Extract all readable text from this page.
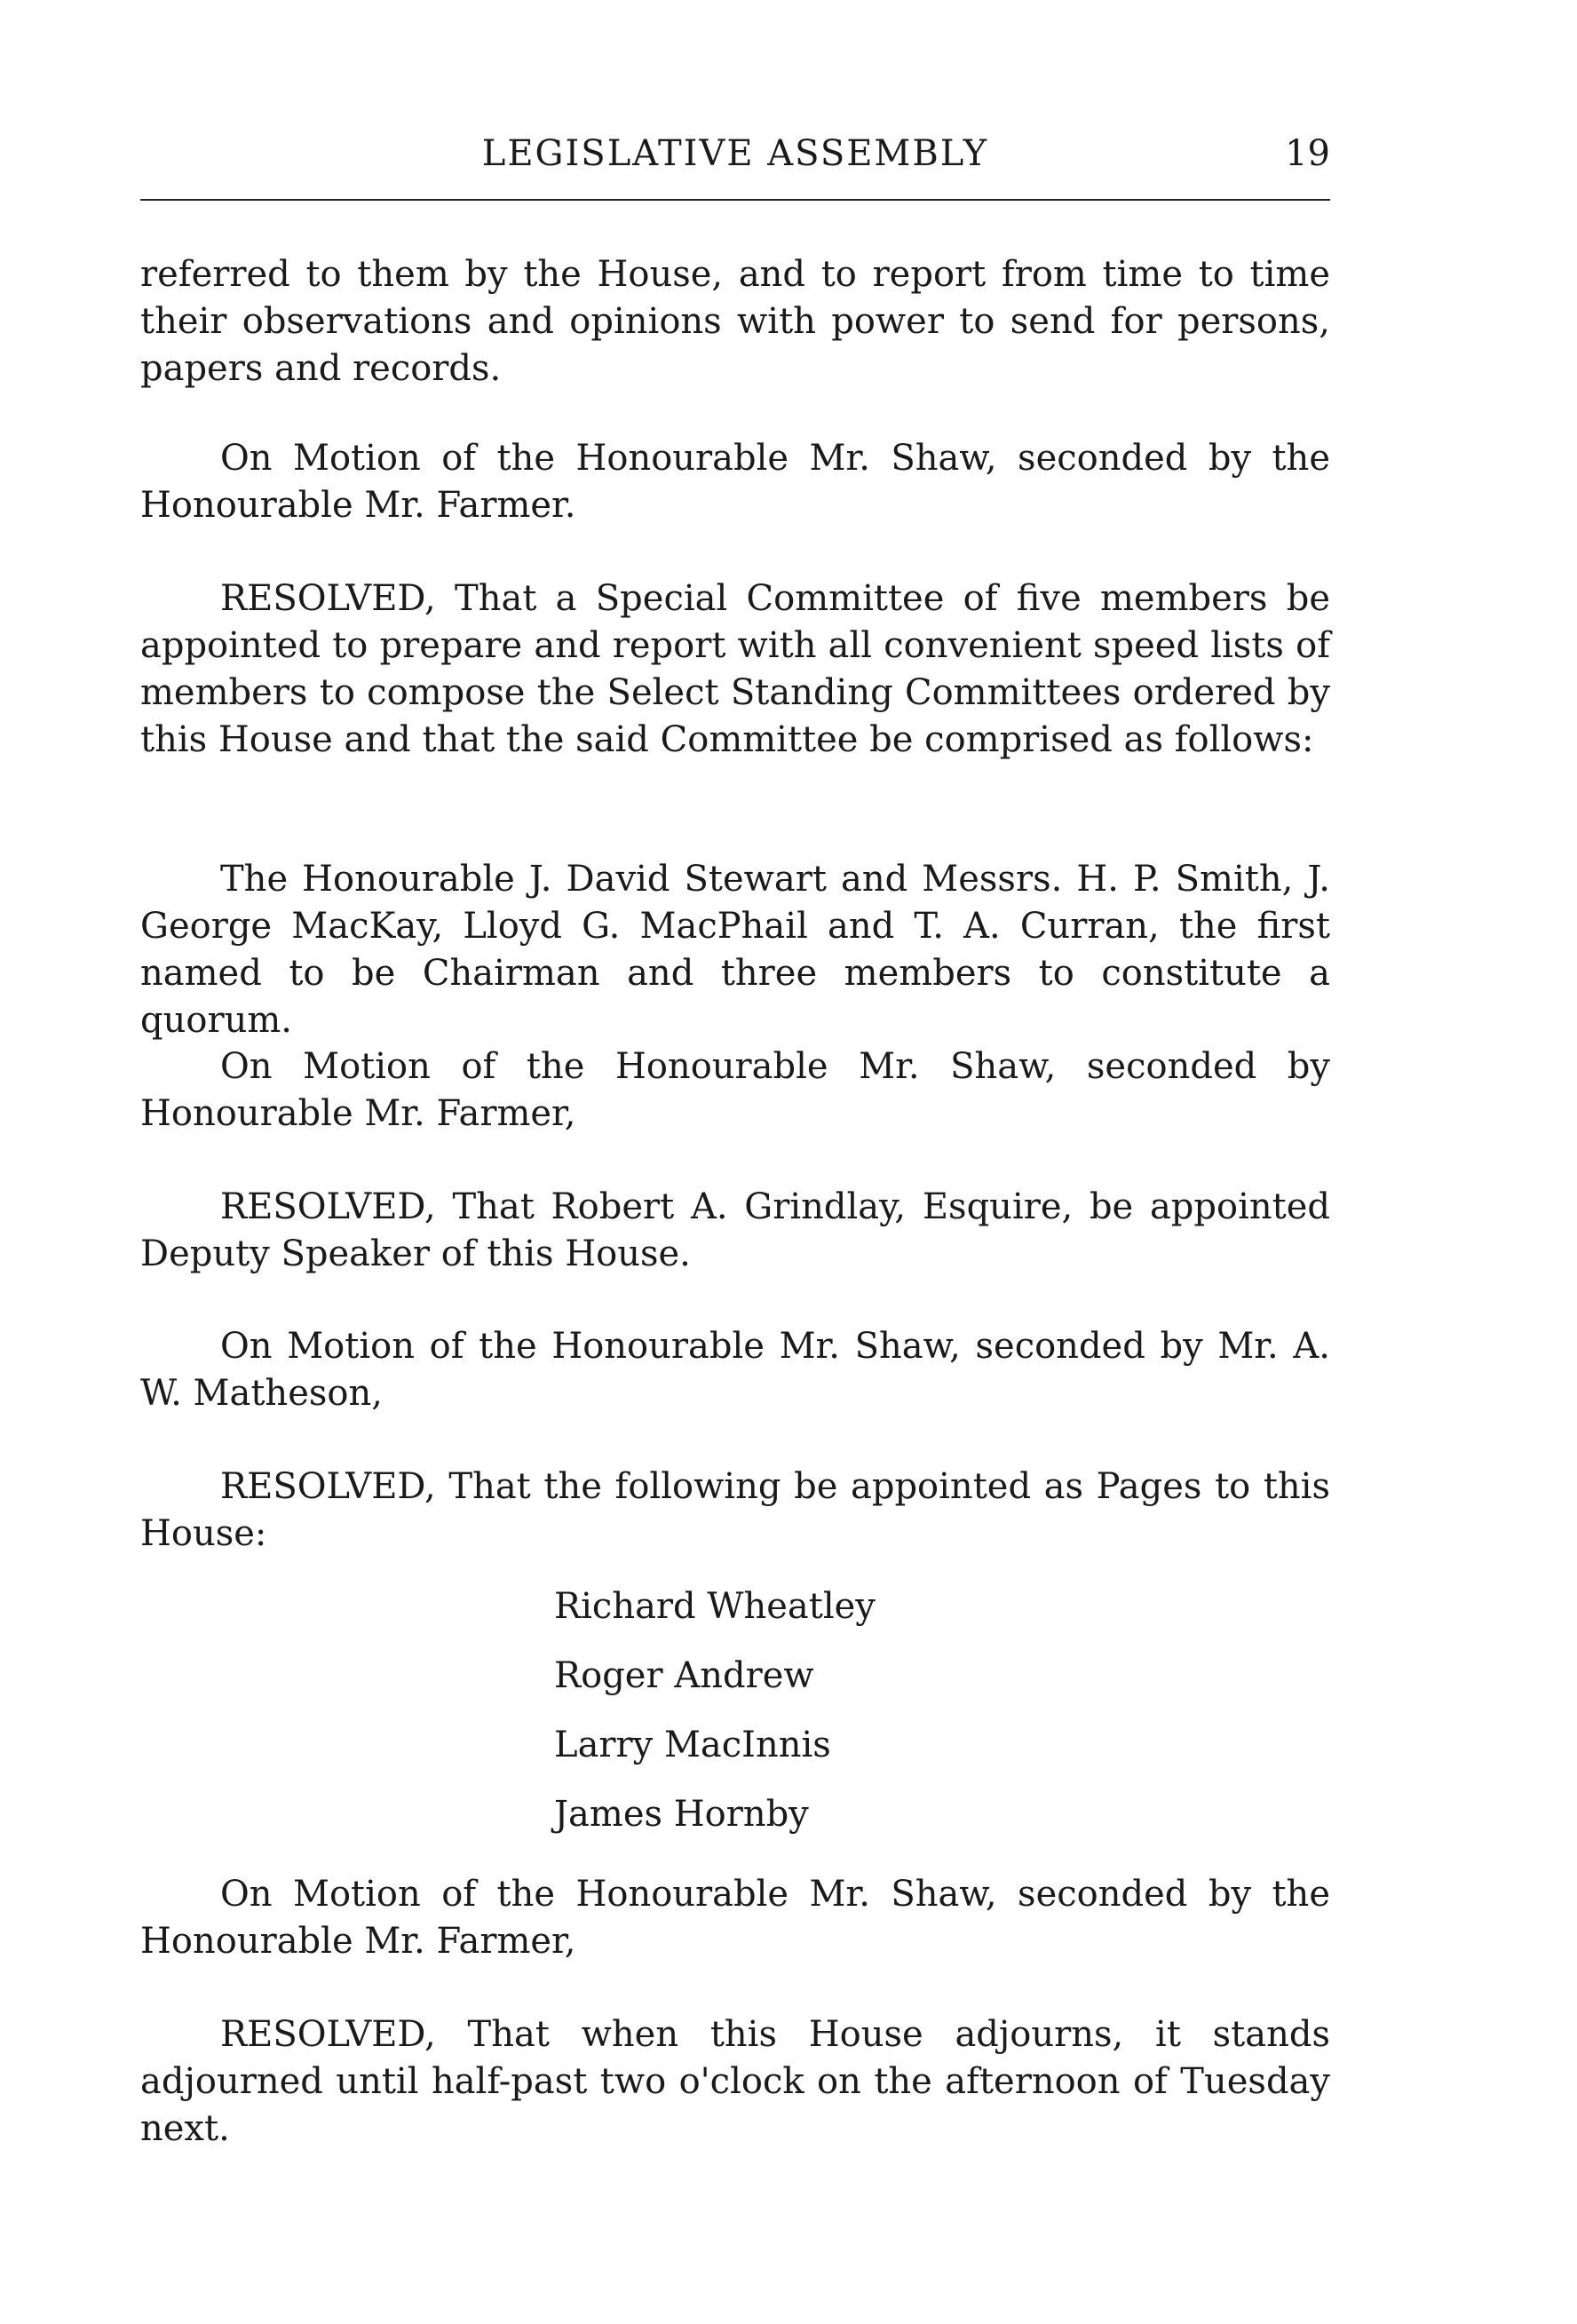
LEGISLATIVE ASSEMBLY	19

referred to them by the House, and to report from time to time their observations and opinions with power to send for persons, papers and records.

On Motion of the Honourable Mr. Shaw, seconded by the Honourable Mr. Farmer.

RESOLVED, That a Special Committee of five members be appointed to prepare and report with all convenient speed lists of members to compose the Select Standing Committees ordered by this House and that the said Committee be comprised as follows:

The Honourable J. David Stewart and Messrs. H. P. Smith, J. George MacKay, Lloyd G. MacPhail and T. A. Curran, the first named to be Chairman and three members to constitute a quorum.

On Motion of the Honourable Mr. Shaw, seconded by Honourable Mr. Farmer,

RESOLVED, That Robert A. Grindlay, Esquire, be appointed Deputy Speaker of this House.

On Motion of the Honourable Mr. Shaw, seconded by Mr. A. W. Matheson,

RESOLVED, That the following be appointed as Pages to this House:

Richard Wheatley
Roger Andrew
Larry MacInnis
James Hornby

On Motion of the Honourable Mr. Shaw, seconded by the Honourable Mr. Farmer,

RESOLVED, That when this House adjourns, it stands adjourned until half-past two o'clock on the afternoon of Tuesday next.
